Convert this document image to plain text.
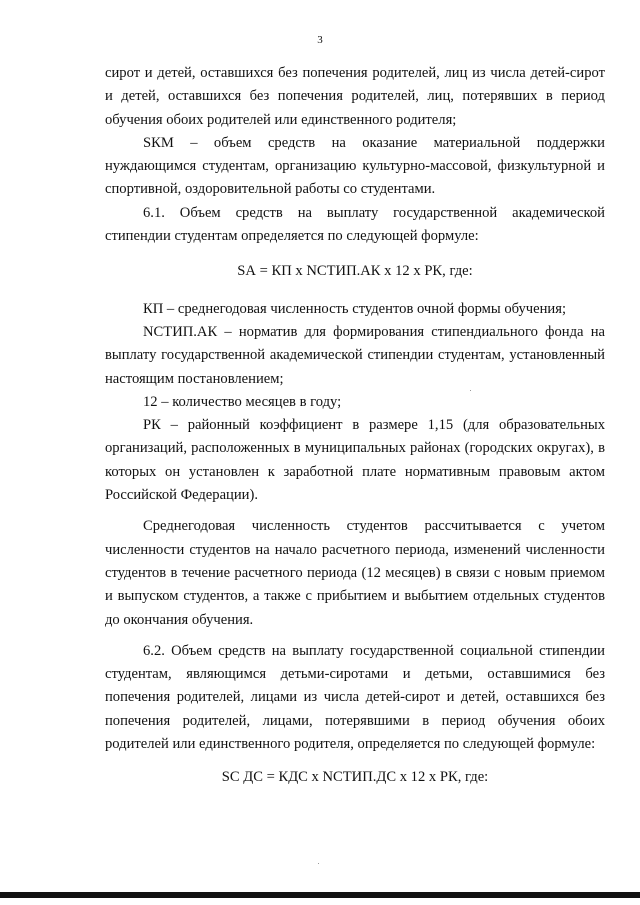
3

сирот и детей, оставшихся без попечения родителей, лиц из числа детей-сирот и детей, оставшихся без попечения родителей, лиц, потерявших в период обучения обоих родителей или единственного родителя;

SКМ – объем средств на оказание материальной поддержки нуждающимся студентам, организацию культурно-массовой, физкультурной и спортивной, оздоровительной работы со студентами.

6.1. Объем средств на выплату государственной академической стипендии студентам определяется по следующей формуле:

SА = КП х NСТИП.АК х 12 х РК, где:

КП – среднегодовая численность студентов очной формы обучения;

NСТИП.АК – норматив для формирования стипендиального фонда на выплату государственной академической стипендии студентам, установленный настоящим постановлением;

12 – количество месяцев в году;

РК – районный коэффициент в размере 1,15 (для образовательных организаций, расположенных в муниципальных районах (городских округах), в которых он установлен к заработной плате нормативным правовым актом Российской Федерации).

Среднегодовая численность студентов рассчитывается с учетом численности студентов на начало расчетного периода, изменений численности студентов в течение расчетного периода (12 месяцев) в связи с новым приемом и выпуском студентов, а также с прибытием и выбытием отдельных студентов до окончания обучения.

6.2. Объем средств на выплату государственной социальной стипендии студентам, являющимся детьми-сиротами и детьми, оставшимися без попечения родителей, лицами из числа детей-сирот и детей, оставшихся без попечения родителей, лицами, потерявшими в период обучения обоих родителей или единственного родителя, определяется по следующей формуле:

SС ДС = КДС х NСТИП.ДС х 12 х РК, где:
